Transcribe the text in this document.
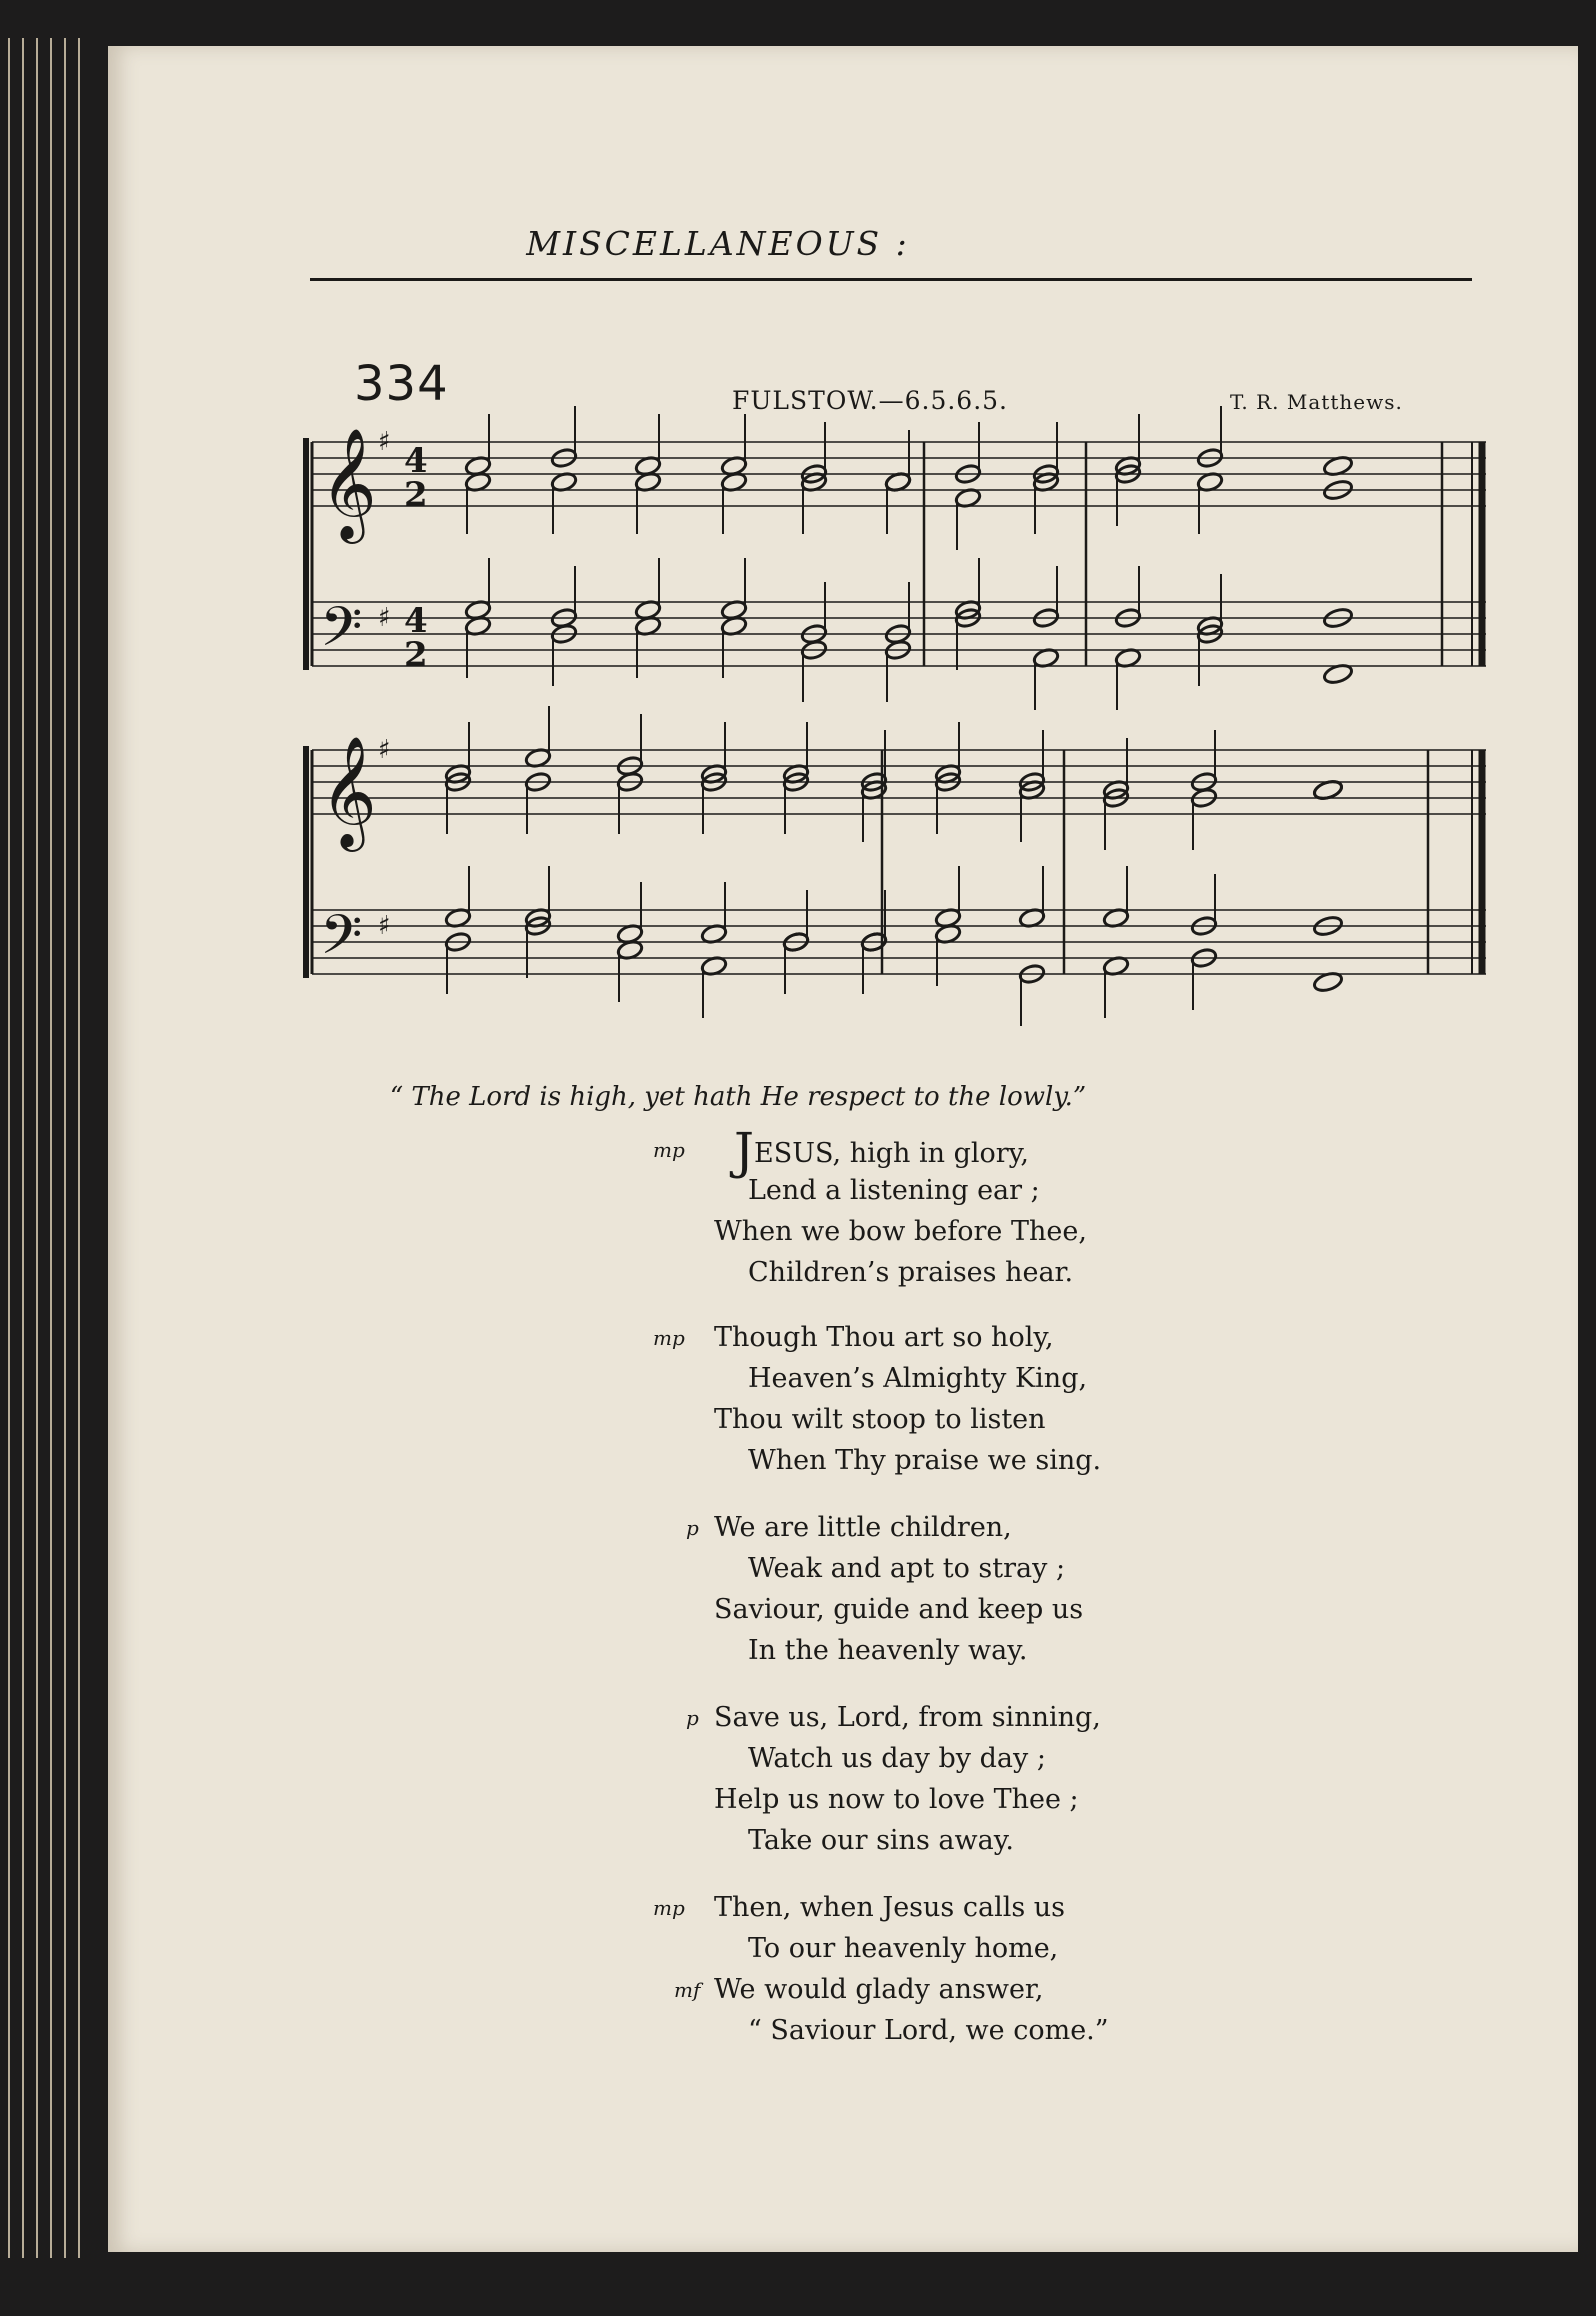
MISCELLANEOUS :
334	FULSTOW.—6.5.6.5.	T. R. Matthews.
𝄞 ♯ 4
2
𝄢 ♯ 4
2
𝄞 ♯
𝄢 ♯
“ The Lord is high, yet hath He respect to the lowly.”
mp JESUS, high in glory,
Lend a listening ear ;
When we bow before Thee,
Children’s praises hear.
mp Though Thou art so holy,
Heaven’s Almighty King,
Thou wilt stoop to listen
When Thy praise we sing.
p We are little children,
Weak and apt to stray ;
Saviour, guide and keep us
In the heavenly way.
p Save us, Lord, from sinning,
Watch us day by day ;
Help us now to love Thee ;
Take our sins away.
mp Then, when Jesus calls us
To our heavenly home,
We would glady answer,
mf
“ Saviour Lord, we come.”
